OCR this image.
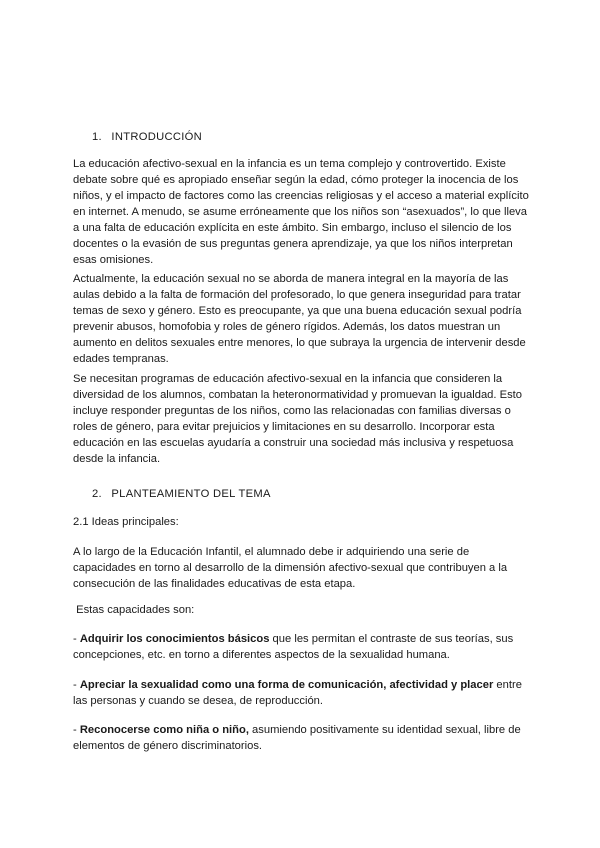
1. INTRODUCCIÓN

La educación afectivo-sexual en la infancia es un tema complejo y controvertido. Existe debate sobre qué es apropiado enseñar según la edad, cómo proteger la inocencia de los niños, y el impacto de factores como las creencias religiosas y el acceso a material explícito en internet. A menudo, se asume erróneamente que los niños son “asexuados”, lo que lleva a una falta de educación explícita en este ámbito. Sin embargo, incluso el silencio de los docentes o la evasión de sus preguntas genera aprendizaje, ya que los niños interpretan esas omisiones.

Actualmente, la educación sexual no se aborda de manera integral en la mayoría de las aulas debido a la falta de formación del profesorado, lo que genera inseguridad para tratar temas de sexo y género. Esto es preocupante, ya que una buena educación sexual podría prevenir abusos, homofobia y roles de género rígidos. Además, los datos muestran un aumento en delitos sexuales entre menores, lo que subraya la urgencia de intervenir desde edades tempranas.

Se necesitan programas de educación afectivo-sexual en la infancia que consideren la diversidad de los alumnos, combatan la heteronormatividad y promuevan la igualdad. Esto incluye responder preguntas de los niños, como las relacionadas con familias diversas o roles de género, para evitar prejuicios y limitaciones en su desarrollo. Incorporar esta educación en las escuelas ayudaría a construir una sociedad más inclusiva y respetuosa desde la infancia.

2. PLANTEAMIENTO DEL TEMA

2.1 Ideas principales:

A lo largo de la Educación Infantil, el alumnado debe ir adquiriendo una serie de capacidades en torno al desarrollo de la dimensión afectivo-sexual que contribuyen a la consecución de las finalidades educativas de esta etapa.

Estas capacidades son:

- Adquirir los conocimientos básicos que les permitan el contraste de sus teorías, sus concepciones, etc. en torno a diferentes aspectos de la sexualidad humana.

- Apreciar la sexualidad como una forma de comunicación, afectividad y placer entre las personas y cuando se desea, de reproducción.

- Reconocerse como niña o niño, asumiendo positivamente su identidad sexual, libre de elementos de género discriminatorios.
